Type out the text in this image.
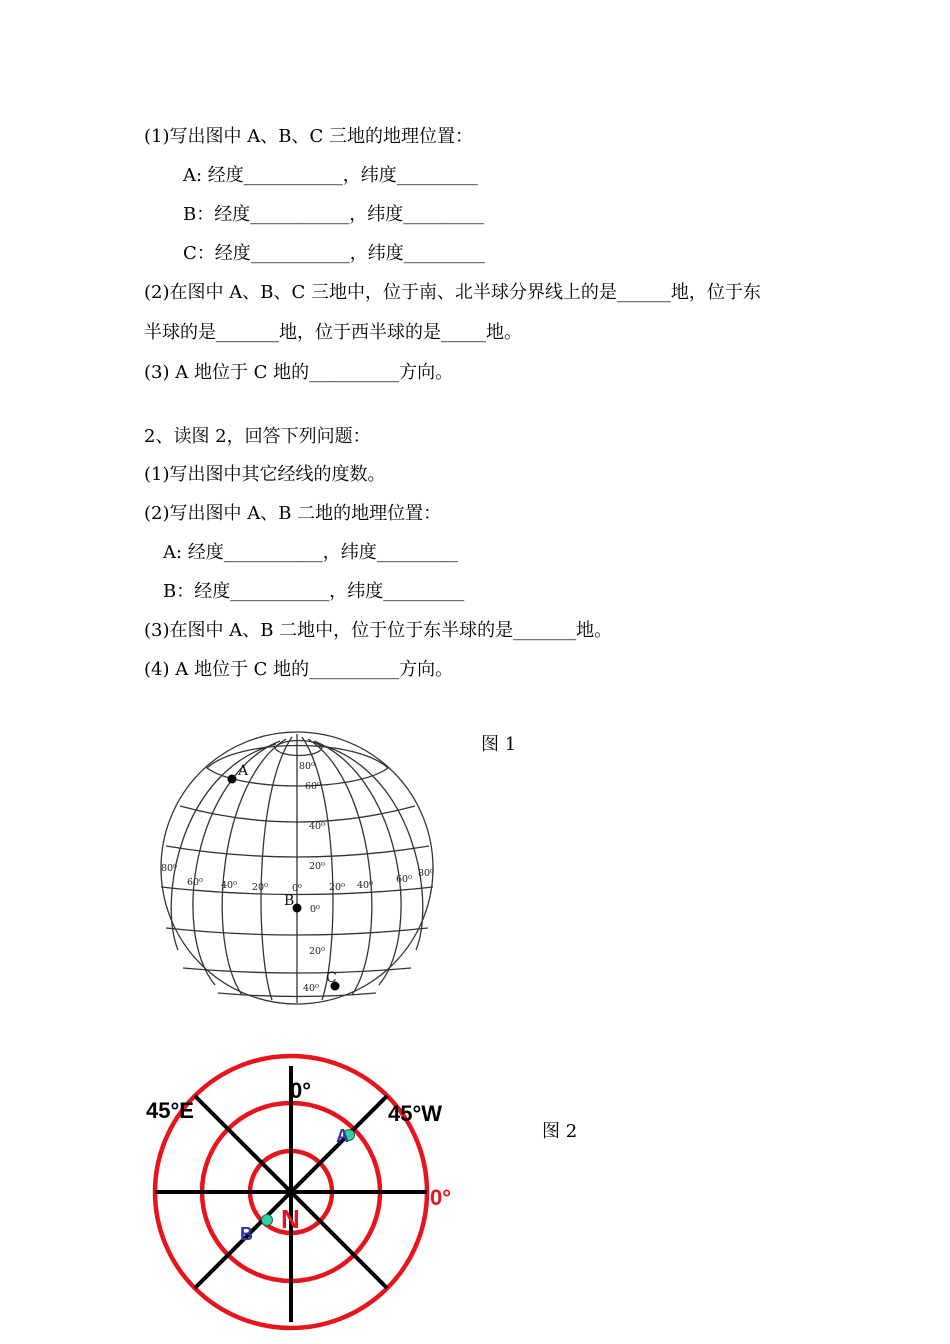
(1)写出图中 A、B、C 三地的地理位置：
A: 经度___________，纬度_________
B：经度___________，纬度_________
C：经度___________，纬度_________
(2)在图中 A、B、C 三地中，位于南、北半球分界线上的是______地，位于东
半球的是_______地，位于西半球的是_____地。
(3) A 地位于 C 地的__________方向。
2、读图 2，回答下列问题：
(1)写出图中其它经线的度数。
(2)写出图中 A、B 二地的地理位置：
A: 经度___________，纬度_________
B：经度___________，纬度_________
(3)在图中 A、B 二地中，位于位于东半球的是_______地。
(4) A 地位于 C 地的__________方向。
图 1
图 2
80⁰
60⁰
40⁰
20⁰
0⁰
20⁰
40⁰
80⁰
60⁰ 40⁰ 20⁰	0⁰	20⁰ 40⁰
60⁰
80⁰
A
B
C
0°
45°E	45°W
0°
N
A
B
